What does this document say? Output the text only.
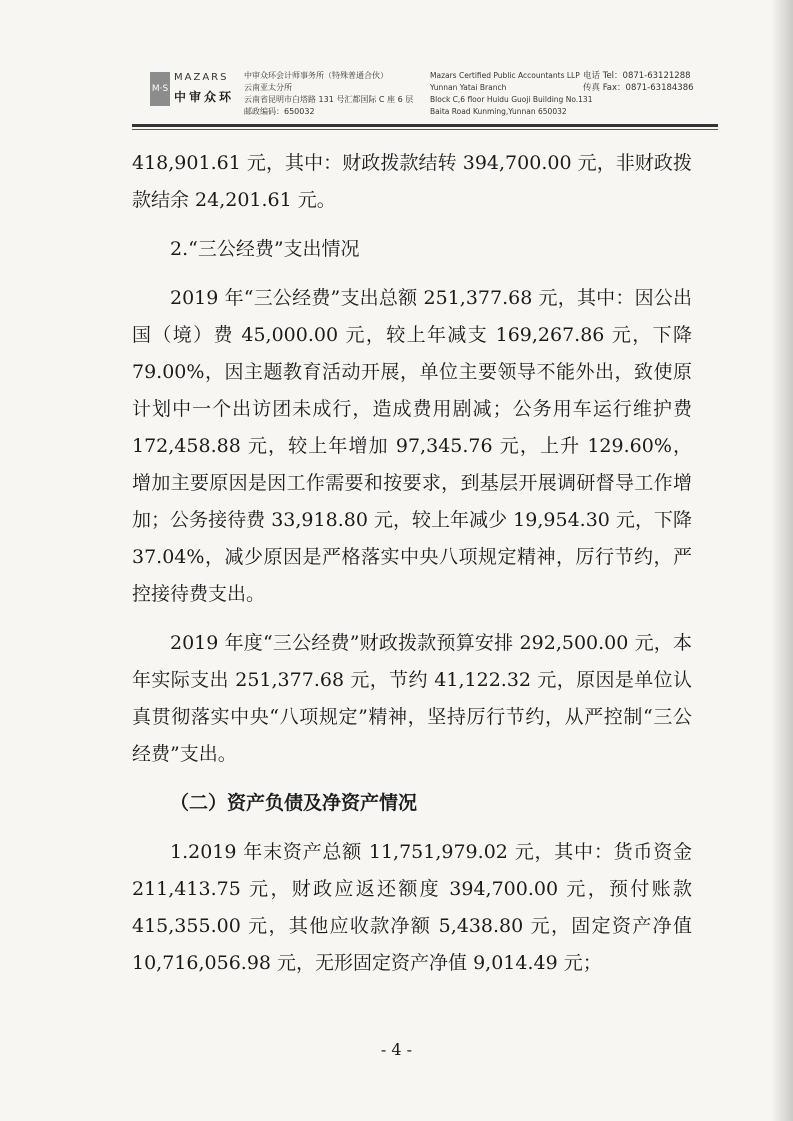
M·S
MAZARS
中审众环
中审众环会计师事务所（特殊普通合伙）
云南亚太分所
云南省昆明市白塔路 131 号汇都国际 C 座 6 层
邮政编码：650032
Mazars Certified Public Accountants LLP
Yunnan Yatai Branch
Block C,6 floor Huidu Guoji Building No.131
Baita Road Kunming,Yunnan 650032
电话 Tel：0871-63121288
传真 Fax：0871-63184386

418,901.61 元，其中：财政拨款结转 394,700.00 元，非财政拨款结余 24,201.61 元。

2.“三公经费”支出情况

2019 年“三公经费”支出总额 251,377.68 元，其中：因公出国（境）费 45,000.00 元，较上年减支 169,267.86 元，下降 79.00%，因主题教育活动开展，单位主要领导不能外出，致使原计划中一个出访团未成行，造成费用剧减；公务用车运行维护费 172,458.88 元，较上年增加 97,345.76 元，上升 129.60%，增加主要原因是因工作需要和按要求，到基层开展调研督导工作增加；公务接待费 33,918.80 元，较上年减少 19,954.30 元，下降 37.04%，减少原因是严格落实中央八项规定精神，厉行节约，严控接待费支出。

2019 年度“三公经费”财政拨款预算安排 292,500.00 元，本年实际支出 251,377.68 元，节约 41,122.32 元，原因是单位认真贯彻落实中央“八项规定”精神，坚持厉行节约，从严控制“三公经费”支出。

（二）资产负债及净资产情况

1.2019 年末资产总额 11,751,979.02 元，其中：货币资金 211,413.75 元，财政应返还额度 394,700.00 元，预付账款 415,355.00 元，其他应收款净额 5,438.80 元，固定资产净值 10,716,056.98 元，无形固定资产净值 9,014.49 元；

- 4 -
